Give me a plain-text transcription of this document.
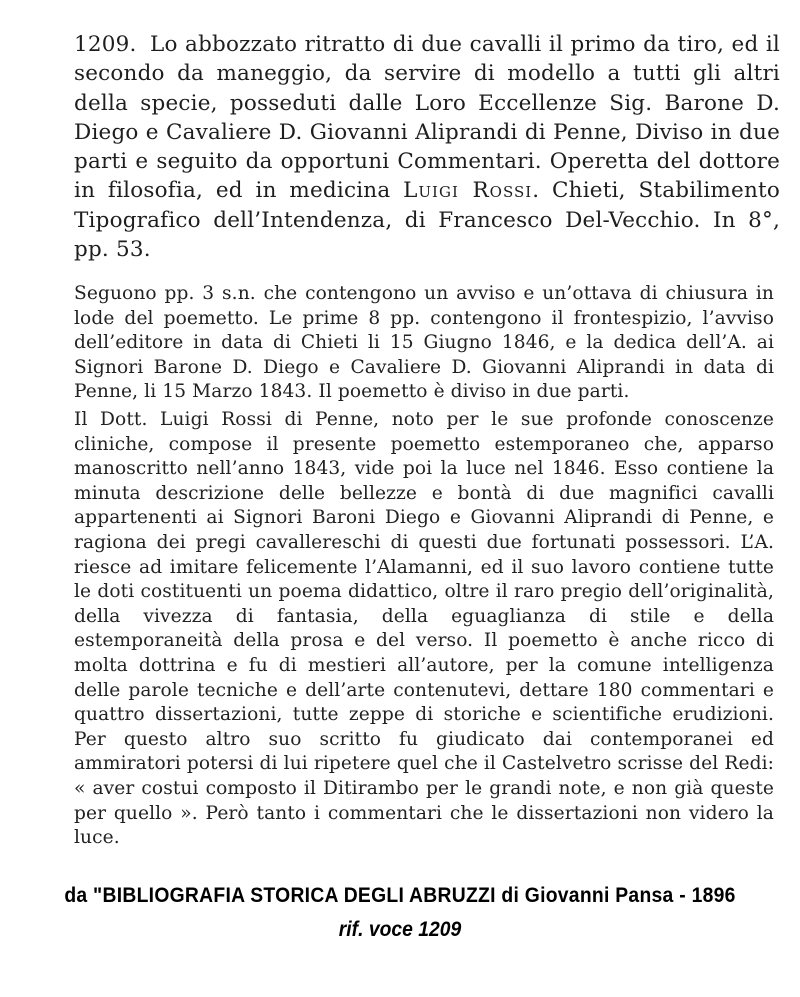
1209. Lo abbozzato ritratto di due cavalli il primo da tiro, ed il secondo da maneggio, da servire di modello a tutti gli altri della specie, posseduti dalle Loro Eccellenze Sig. Barone D. Diego e Cavaliere D. Giovanni Aliprandi di Penne, Diviso in due parti e seguito da opportuni Commentari. Operetta del dottore in filosofia, ed in medicina Luigi Rossi. Chieti, Stabilimento Tipografico dell’Intendenza, di Francesco Del-Vecchio. In 8°, pp. 53.

Seguono pp. 3 s.n. che contengono un avviso e un’ottava di chiusura in lode del poemetto. Le prime 8 pp. contengono il frontespizio, l’avviso dell’editore in data di Chieti li 15 Giugno 1846, e la dedica dell’A. ai Signori Barone D. Diego e Cavaliere D. Giovanni Aliprandi in data di Penne, li 15 Marzo 1843. Il poemetto è diviso in due parti.

Il Dott. Luigi Rossi di Penne, noto per le sue profonde conoscenze cliniche, compose il presente poemetto estemporaneo che, apparso manoscritto nell’anno 1843, vide poi la luce nel 1846. Esso contiene la minuta descrizione delle bellezze e bontà di due magnifici cavalli appartenenti ai Signori Baroni Diego e Giovanni Aliprandi di Penne, e ragiona dei pregi cavallereschi di questi due fortunati possessori. L’A. riesce ad imitare felicemente l’Alamanni, ed il suo lavoro contiene tutte le doti costituenti un poema didattico, oltre il raro pregio dell’originalità, della vivezza di fantasia, della eguaglianza di stile e della estemporaneità della prosa e del verso. Il poemetto è anche ricco di molta dottrina e fu di mestieri all’autore, per la comune intelligenza delle parole tecniche e dell’arte contenutevi, dettare 180 commentari e quattro dissertazioni, tutte zeppe di storiche e scientifiche erudizioni. Per questo altro suo scritto fu giudicato dai contemporanei ed ammiratori potersi di lui ripetere quel che il Castelvetro scrisse del Redi: « aver costui composto il Ditirambo per le grandi note, e non già queste per quello ». Però tanto i commentari che le dissertazioni non videro la luce.

da "BIBLIOGRAFIA STORICA DEGLI ABRUZZI di Giovanni Pansa - 1896
rif. voce 1209
